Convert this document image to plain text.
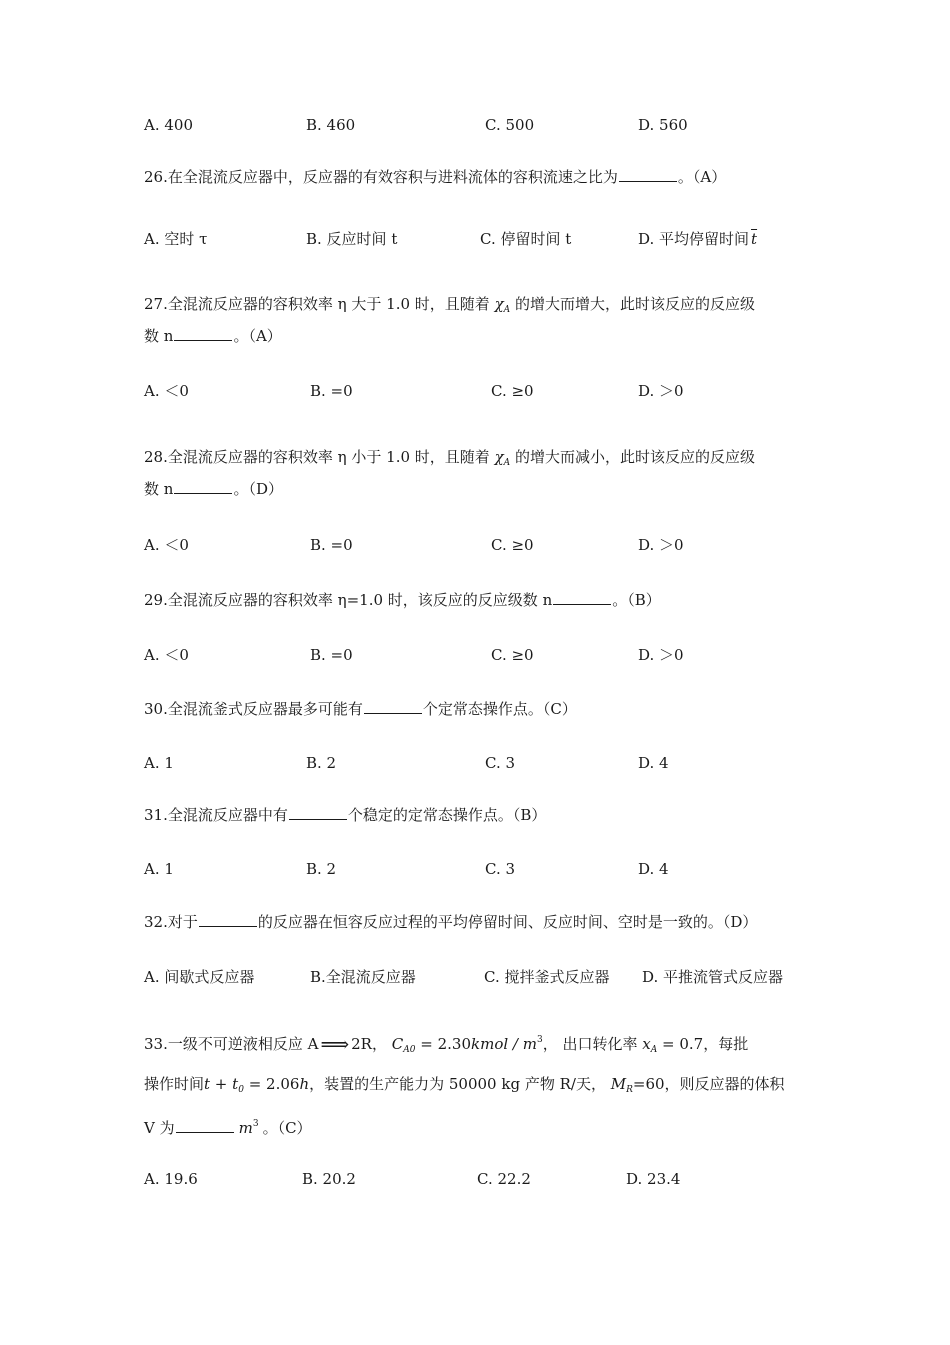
A. 400	B. 460	C. 500	D. 560
26.在全混流反应器中，反应器的有效容积与进料流体的容积流速之比为	。（A）
A. 空时 τ	B. 反应时间 t	C. 停留时间 t	D. 平均停留时间 $\overline{t}$
27.全混流反应器的容积效率 η 大于 1.0 时，且随着 $\chi_A$ 的增大而增大，此时该反应的反应级
数 n	。（A）
A. ＜0	B. =0	C. ≥0	D. ＞0
28.全混流反应器的容积效率 η 小于 1.0 时，且随着 $\chi_A$ 的增大而减小，此时该反应的反应级
数 n	。（D）
A. ＜0	B. =0	C. ≥0	D. ＞0
29.全混流反应器的容积效率 η=1.0 时，该反应的反应级数 n	。（B）
A. ＜0	B. =0	C. ≥0	D. ＞0
30.全混流釜式反应器最多可能有	个定常态操作点。（C）
A. 1	B. 2	C. 3	D. 4
31.全混流反应器中有	个稳定的定常态操作点。（B）
A. 1	B. 2	C. 3	D. 4
32.对于	的反应器在恒容反应过程的平均停留时间、反应时间、空时是一致的。（D）
A. 间歇式反应器	B.全混流反应器	C. 搅拌釜式反应器 D. 平推流管式反应器
33.一级不可逆液相反应 A ⟹ 2R， $C_{A0}$ = 2.30kmol / $m^3$， 出口转化率 $x_A = 0.7$，每批
操作时间$t + t_0 = 2.06h$，装置的生产能力为 50000 kg 产物 R/天， $M_R=60$，则反应器的体积
V 为	$m^3$ 。（C）
A. 19.6	B. 20.2	C. 22.2	D. 23.4
